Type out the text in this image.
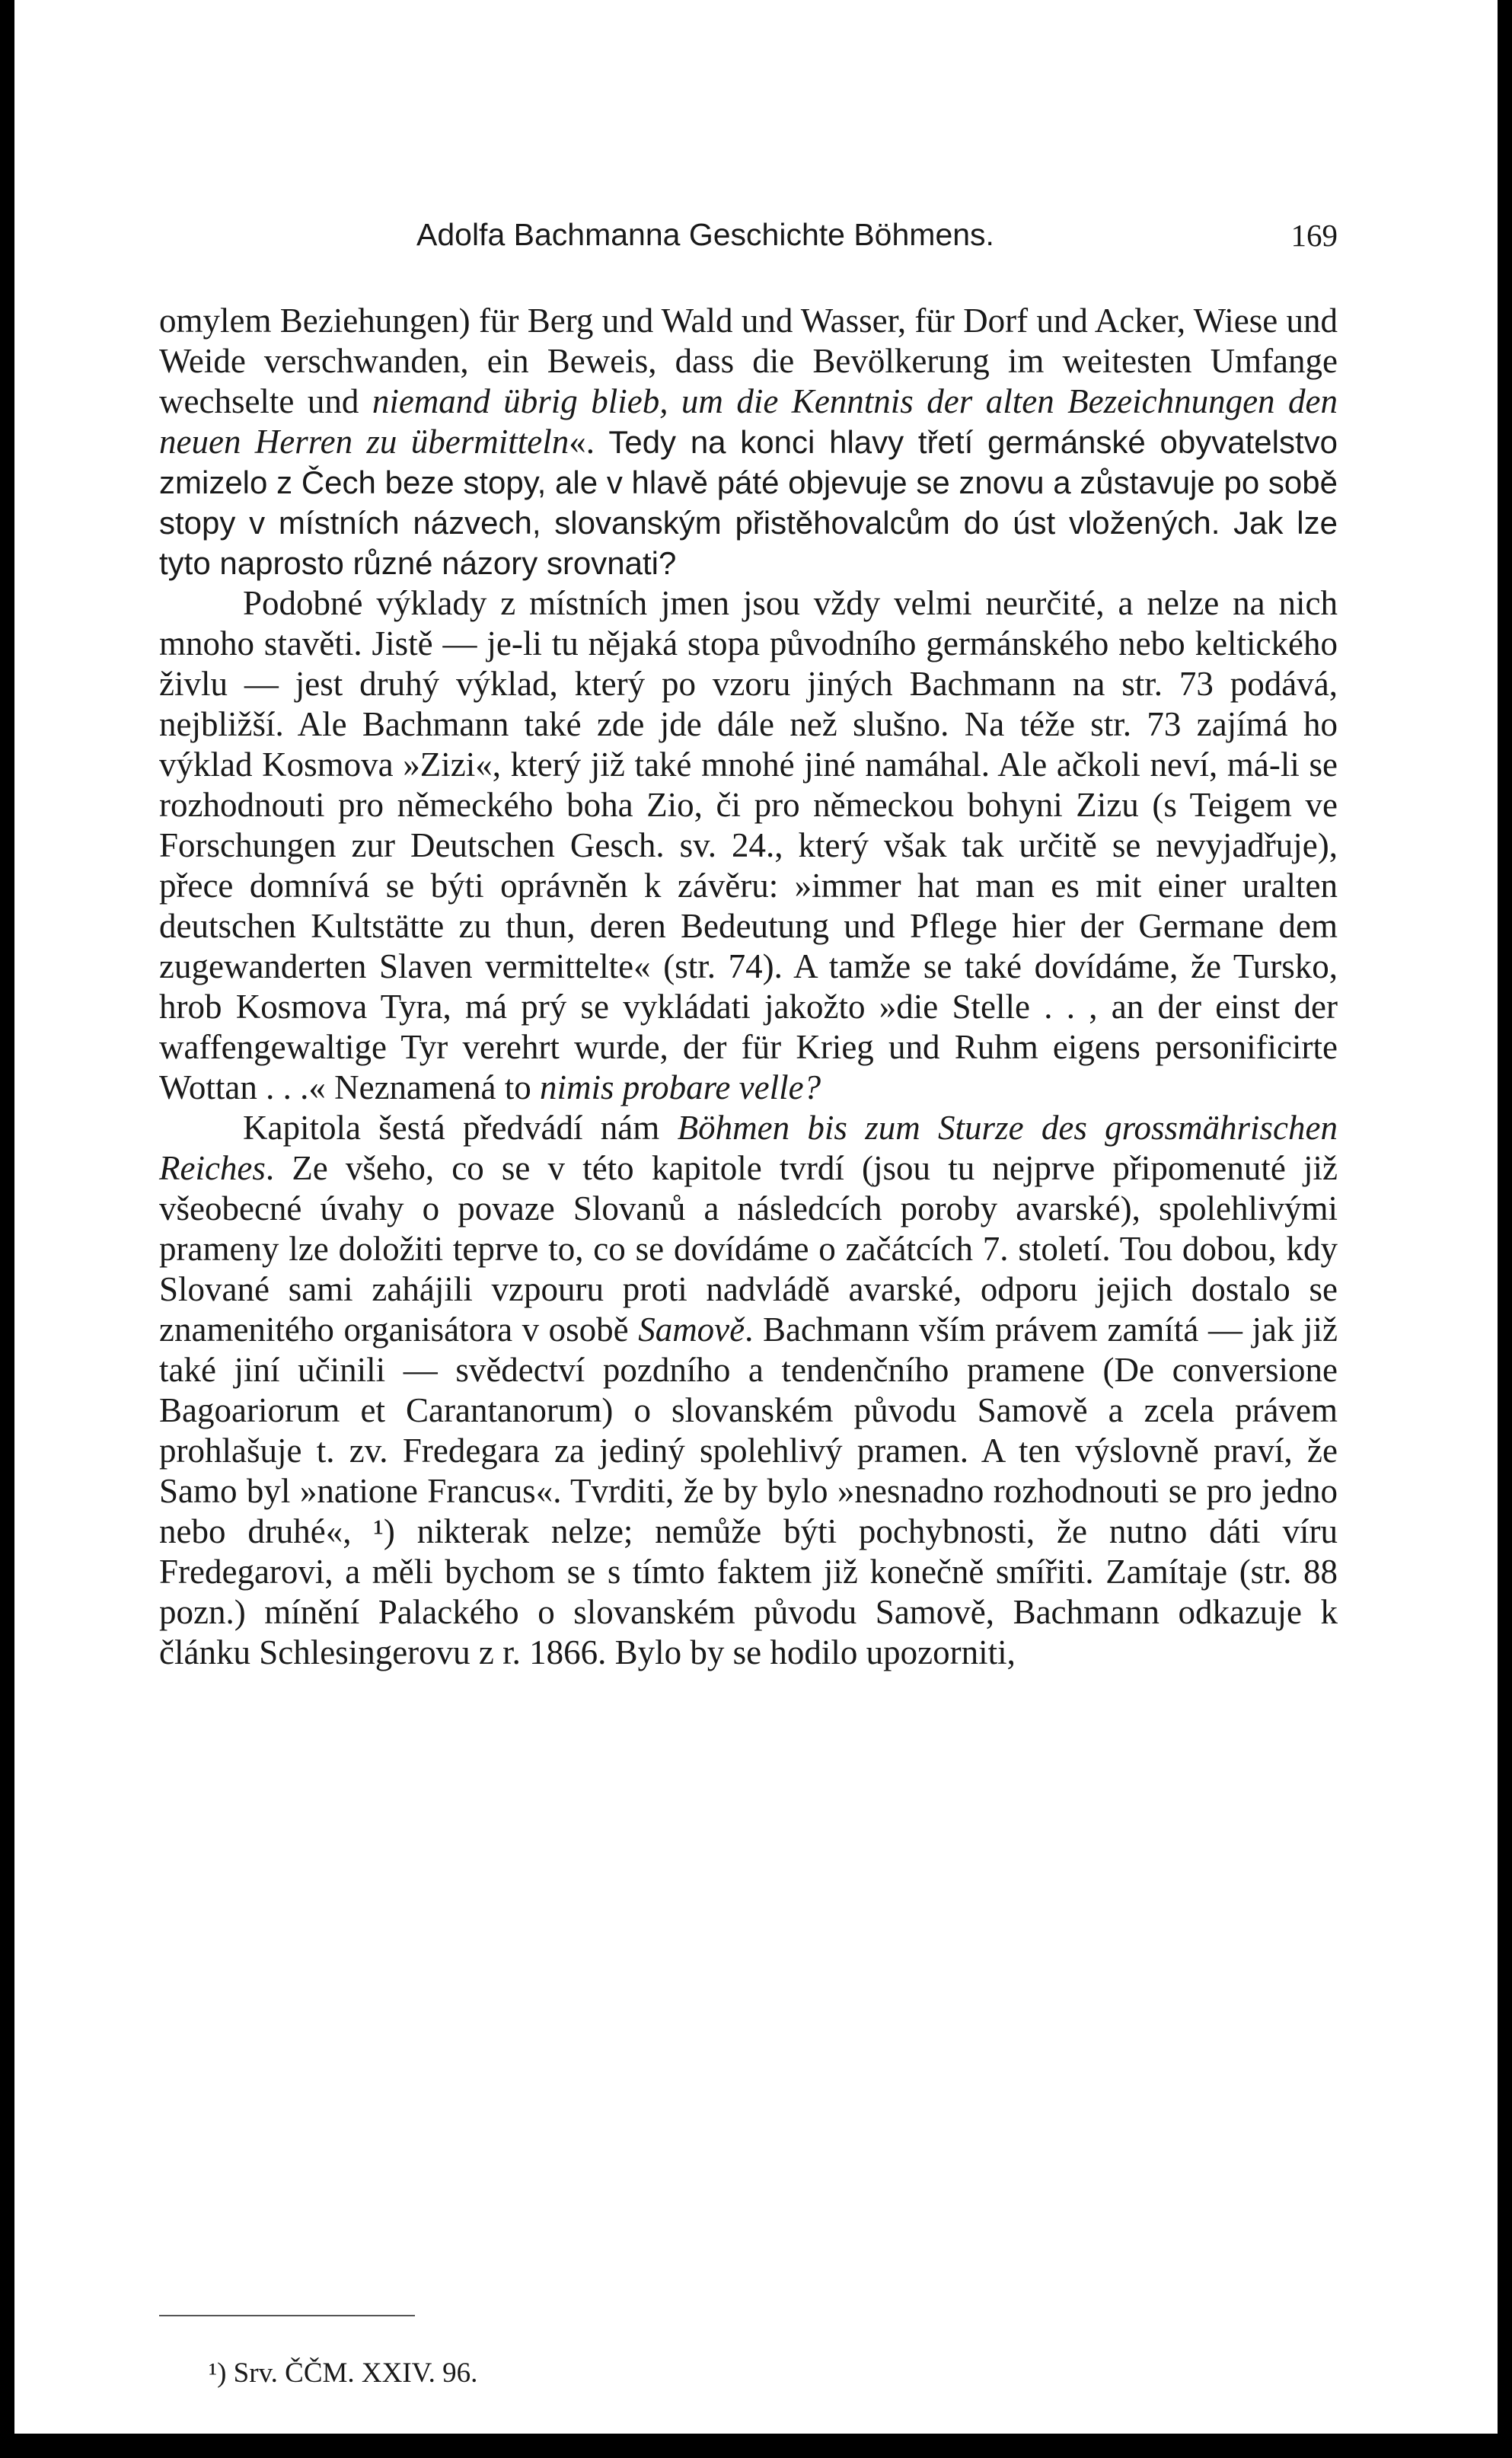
Adolfa Bachmanna Geschichte Böhmens.	169

omylem Beziehungen) für Berg und Wald und Wasser, für Dorf und Acker, Wiese und Weide verschwanden, ein Beweis, dass die Bevölkerung im weitesten Umfange wechselte und niemand übrig blieb, um die Kenntnis der alten Bezeichnungen den neuen Herren zu übermitteln«. Tedy na konci hlavy třetí germánské obyvatelstvo zmizelo z Čech beze stopy, ale v hlavě páté objevuje se znovu a zůstavuje po sobě stopy v místních názvech, slovanským přistěhovalcům do úst vložených. Jak lze tyto naprosto různé názory srovnati?

Podobné výklady z místních jmen jsou vždy velmi neurčité, a nelze na nich mnoho stavěti. Jistě — je-li tu nějaká stopa původního germánského nebo keltického živlu — jest druhý výklad, který po vzoru jiných Bachmann na str. 73 podává, nejbližší. Ale Bachmann také zde jde dále než slušno. Na téže str. 73 zajímá ho výklad Kosmova »Zizi«, který již také mnohé jiné namáhal. Ale ačkoli neví, má-li se rozhodnouti pro německého boha Zio, či pro německou bohyni Zizu (s Teigem ve Forschungen zur Deutschen Gesch. sv. 24., který však tak určitě se nevyjadřuje), přece domnívá se býti oprávněn k závěru: »immer hat man es mit einer uralten deutschen Kultstätte zu thun, deren Bedeutung und Pflege hier der Germane dem zugewanderten Slaven vermittelte« (str. 74). A tamže se také dovídáme, že Tursko, hrob Kosmova Tyra, má prý se vykládati jakožto »die Stelle . . , an der einst der waffengewaltige Tyr verehrt wurde, der für Krieg und Ruhm eigens personificirte Wottan . . .« Neznamená to nimis probare velle?

Kapitola šestá předvádí nám Böhmen bis zum Sturze des grossmährischen Reiches. Ze všeho, co se v této kapitole tvrdí (jsou tu nejprve připomenuté již všeobecné úvahy o povaze Slovanů a následcích poroby avarské), spolehlivými prameny lze doložiti teprve to, co se dovídáme o začátcích 7. století. Tou dobou, kdy Slované sami zahájili vzpouru proti nadvládě avarské, odporu jejich dostalo se znamenitého organisátora v osobě Samově. Bachmann vším právem zamítá — jak již také jiní učinili — svědectví pozdního a tendenčního pramene (De conversione Bagoariorum et Carantanorum) o slovanském původu Samově a zcela právem prohlašuje t. zv. Fredegara za jediný spolehlivý pramen. A ten výslovně praví, že Samo byl »natione Francus«. Tvrditi, že by bylo »nesnadno rozhodnouti se pro jedno nebo druhé«, ¹) nikterak nelze; nemůže býti pochybnosti, že nutno dáti víru Fredegarovi, a měli bychom se s tímto faktem již konečně smířiti. Zamítaje (str. 88 pozn.) mínění Palackého o slovanském původu Samově, Bachmann odkazuje k článku Schlesingerovu z r. 1866. Bylo by se hodilo upozorniti,

¹) Srv. ČČM. XXIV. 96.
